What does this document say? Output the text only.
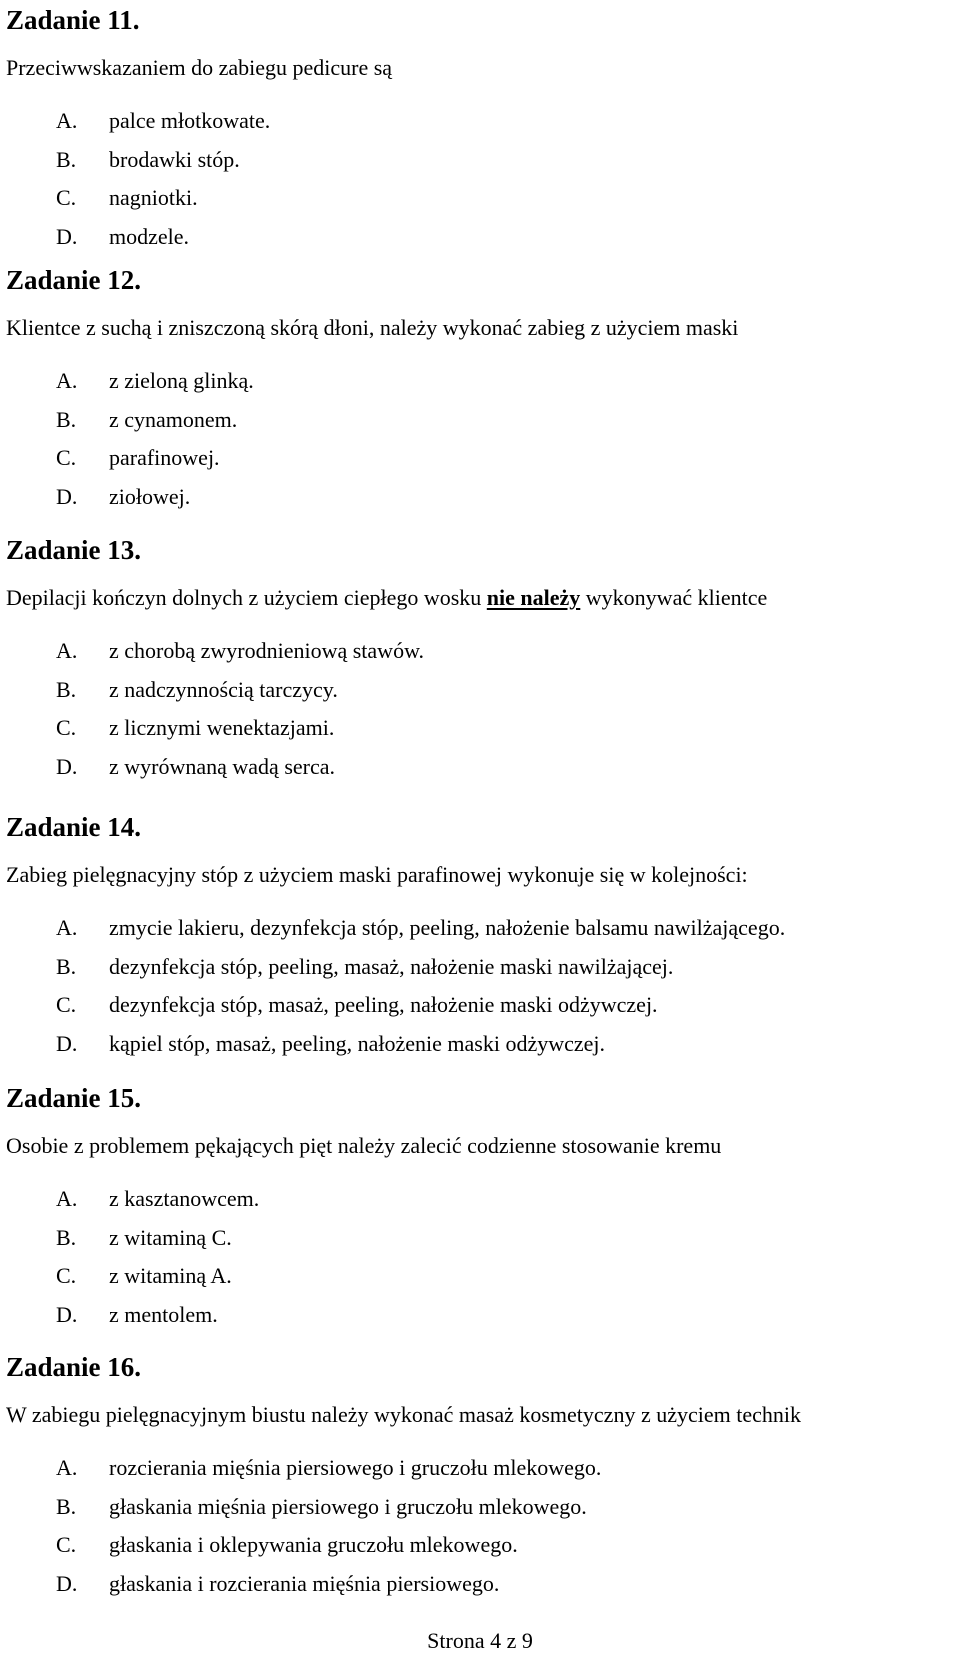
Zadanie 11.
Przeciwwskazaniem do zabiegu pedicure są
A. palce młotkowate.
B. brodawki stóp.
C. nagniotki.
D. modzele.
Zadanie 12.
Klientce z suchą i zniszczoną skórą dłoni, należy wykonać zabieg z użyciem maski
A. z zieloną glinką.
B. z cynamonem.
C. parafinowej.
D. ziołowej.
Zadanie 13.
Depilacji kończyn dolnych z użyciem ciepłego wosku nie należy wykonywać klientce
A. z chorobą zwyrodnieniową stawów.
B. z nadczynnością tarczycy.
C. z licznymi wenektazjami.
D. z wyrównaną wadą serca.
Zadanie 14.
Zabieg pielęgnacyjny stóp z użyciem maski parafinowej wykonuje się w kolejności:
A. zmycie lakieru, dezynfekcja stóp, peeling, nałożenie balsamu nawilżającego.
B. dezynfekcja stóp, peeling, masaż, nałożenie maski nawilżającej.
C. dezynfekcja stóp, masaż, peeling, nałożenie maski odżywczej.
D. kąpiel stóp, masaż, peeling, nałożenie maski odżywczej.
Zadanie 15.
Osobie z problemem pękających pięt należy zalecić codzienne stosowanie kremu
A. z kasztanowcem.
B. z witaminą C.
C. z witaminą A.
D. z mentolem.
Zadanie 16.
W zabiegu pielęgnacyjnym biustu należy wykonać masaż kosmetyczny z użyciem technik
A. rozcierania mięśnia piersiowego i gruczołu mlekowego.
B. głaskania mięśnia piersiowego i gruczołu mlekowego.
C. głaskania i oklepywania gruczołu mlekowego.
D. głaskania i rozcierania mięśnia piersiowego.
Strona 4 z 9
